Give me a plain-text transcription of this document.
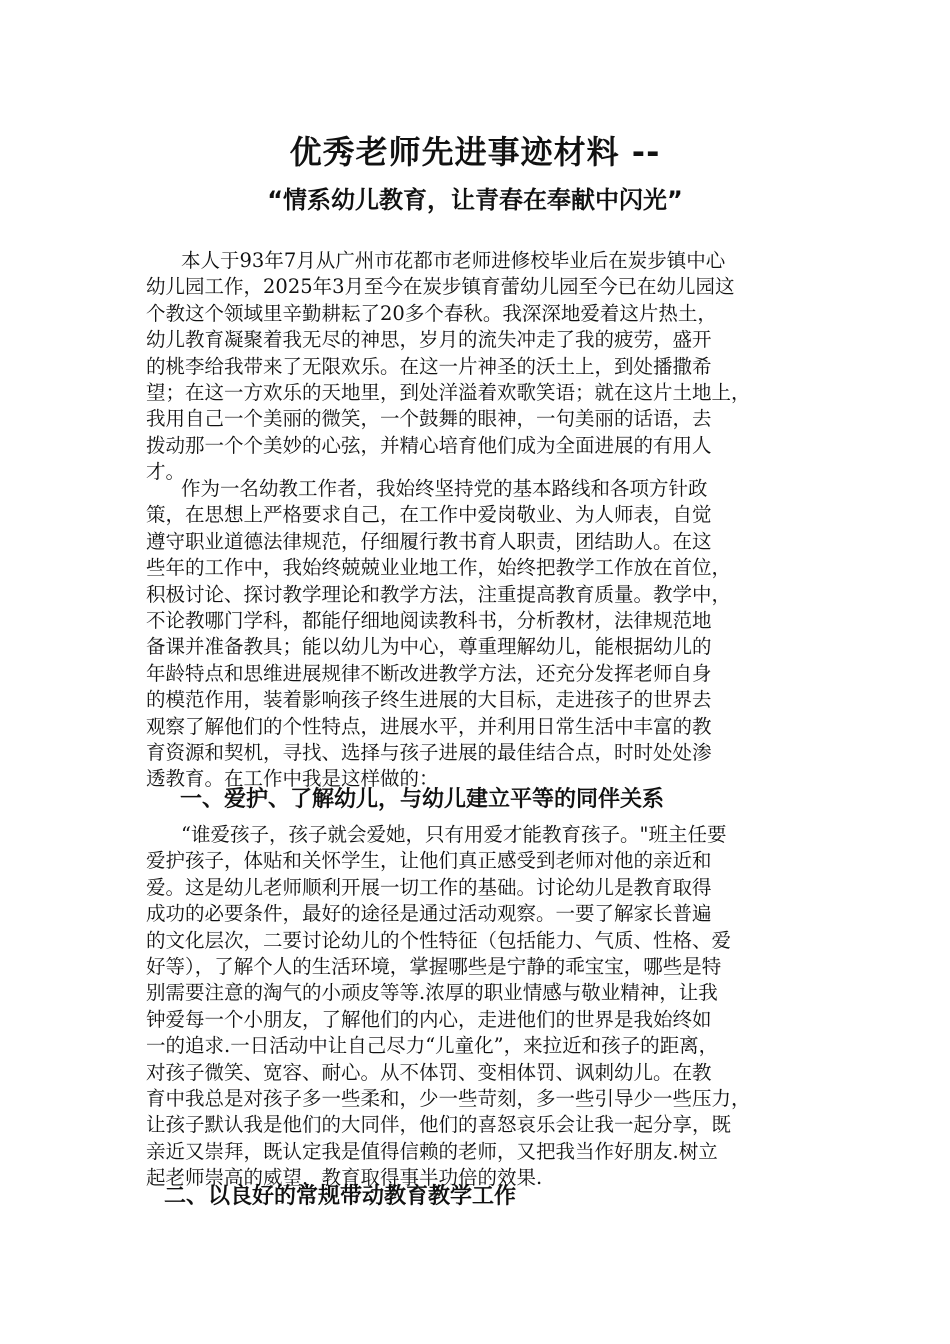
优秀老师先进事迹材料 --
“情系幼儿教育，让青春在奉献中闪光”
本人于93年7月从广州市花都市老师进修校毕业后在炭步镇中心
幼儿园工作，2025年3月至今在炭步镇育蕾幼儿园至今已在幼儿园这
个教这个领域里辛勤耕耘了20多个春秋。我深深地爱着这片热土，
幼儿教育凝聚着我无尽的神思，岁月的流失冲走了我的疲劳，盛开
的桃李给我带来了无限欢乐。在这一片神圣的沃土上，到处播撒希
望；在这一方欢乐的天地里，到处洋溢着欢歌笑语；就在这片土地上，
我用自己一个美丽的微笑，一个鼓舞的眼神，一句美丽的话语，去
拨动那一个个美妙的心弦，并精心培育他们成为全面进展的有用人
才。
作为一名幼教工作者，我始终坚持党的基本路线和各项方针政
策，在思想上严格要求自己，在工作中爱岗敬业、为人师表，自觉
遵守职业道德法律规范，仔细履行教书育人职责，团结助人。在这
些年的工作中，我始终兢兢业业地工作，始终把教学工作放在首位，
积极讨论、探讨教学理论和教学方法，注重提高教育质量。教学中，
不论教哪门学科，都能仔细地阅读教科书，分析教材，法律规范地
备课并准备教具；能以幼儿为中心，尊重理解幼儿，能根据幼儿的
年龄特点和思维进展规律不断改进教学方法，还充分发挥老师自身
的模范作用，装着影响孩子终生进展的大目标，走进孩子的世界去
观察了解他们的个性特点，进展水平，并利用日常生活中丰富的教
育资源和契机，寻找、选择与孩子进展的最佳结合点，时时处处渗
透教育。在工作中我是这样做的：
一、爱护、了解幼儿，与幼儿建立平等的同伴关系
“谁爱孩子，孩子就会爱她，只有用爱才能教育孩子。"班主任要
爱护孩子，体贴和关怀学生，让他们真正感受到老师对他的亲近和
爱。这是幼儿老师顺利开展一切工作的基础。讨论幼儿是教育取得
成功的必要条件，最好的途径是通过活动观察。一要了解家长普遍
的文化层次，二要讨论幼儿的个性特征（包括能力、气质、性格、爱
好等），了解个人的生活环境，掌握哪些是宁静的乖宝宝，哪些是特
别需要注意的淘气的小顽皮等等.浓厚的职业情感与敬业精神，让我
钟爱每一个小朋友，了解他们的内心，走进他们的世界是我始终如
一的追求.一日活动中让自己尽力“儿童化”，来拉近和孩子的距离，
对孩子微笑、宽容、耐心。从不体罚、变相体罚、讽刺幼儿。在教
育中我总是对孩子多一些柔和，少一些苛刻，多一些引导少一些压力，
让孩子默认我是他们的大同伴，他们的喜怒哀乐会让我一起分享，既
亲近又崇拜，既认定我是值得信赖的老师，又把我当作好朋友.树立
起老师崇高的威望，教育取得事半功倍的效果.
二、以良好的常规带动教育教学工作
